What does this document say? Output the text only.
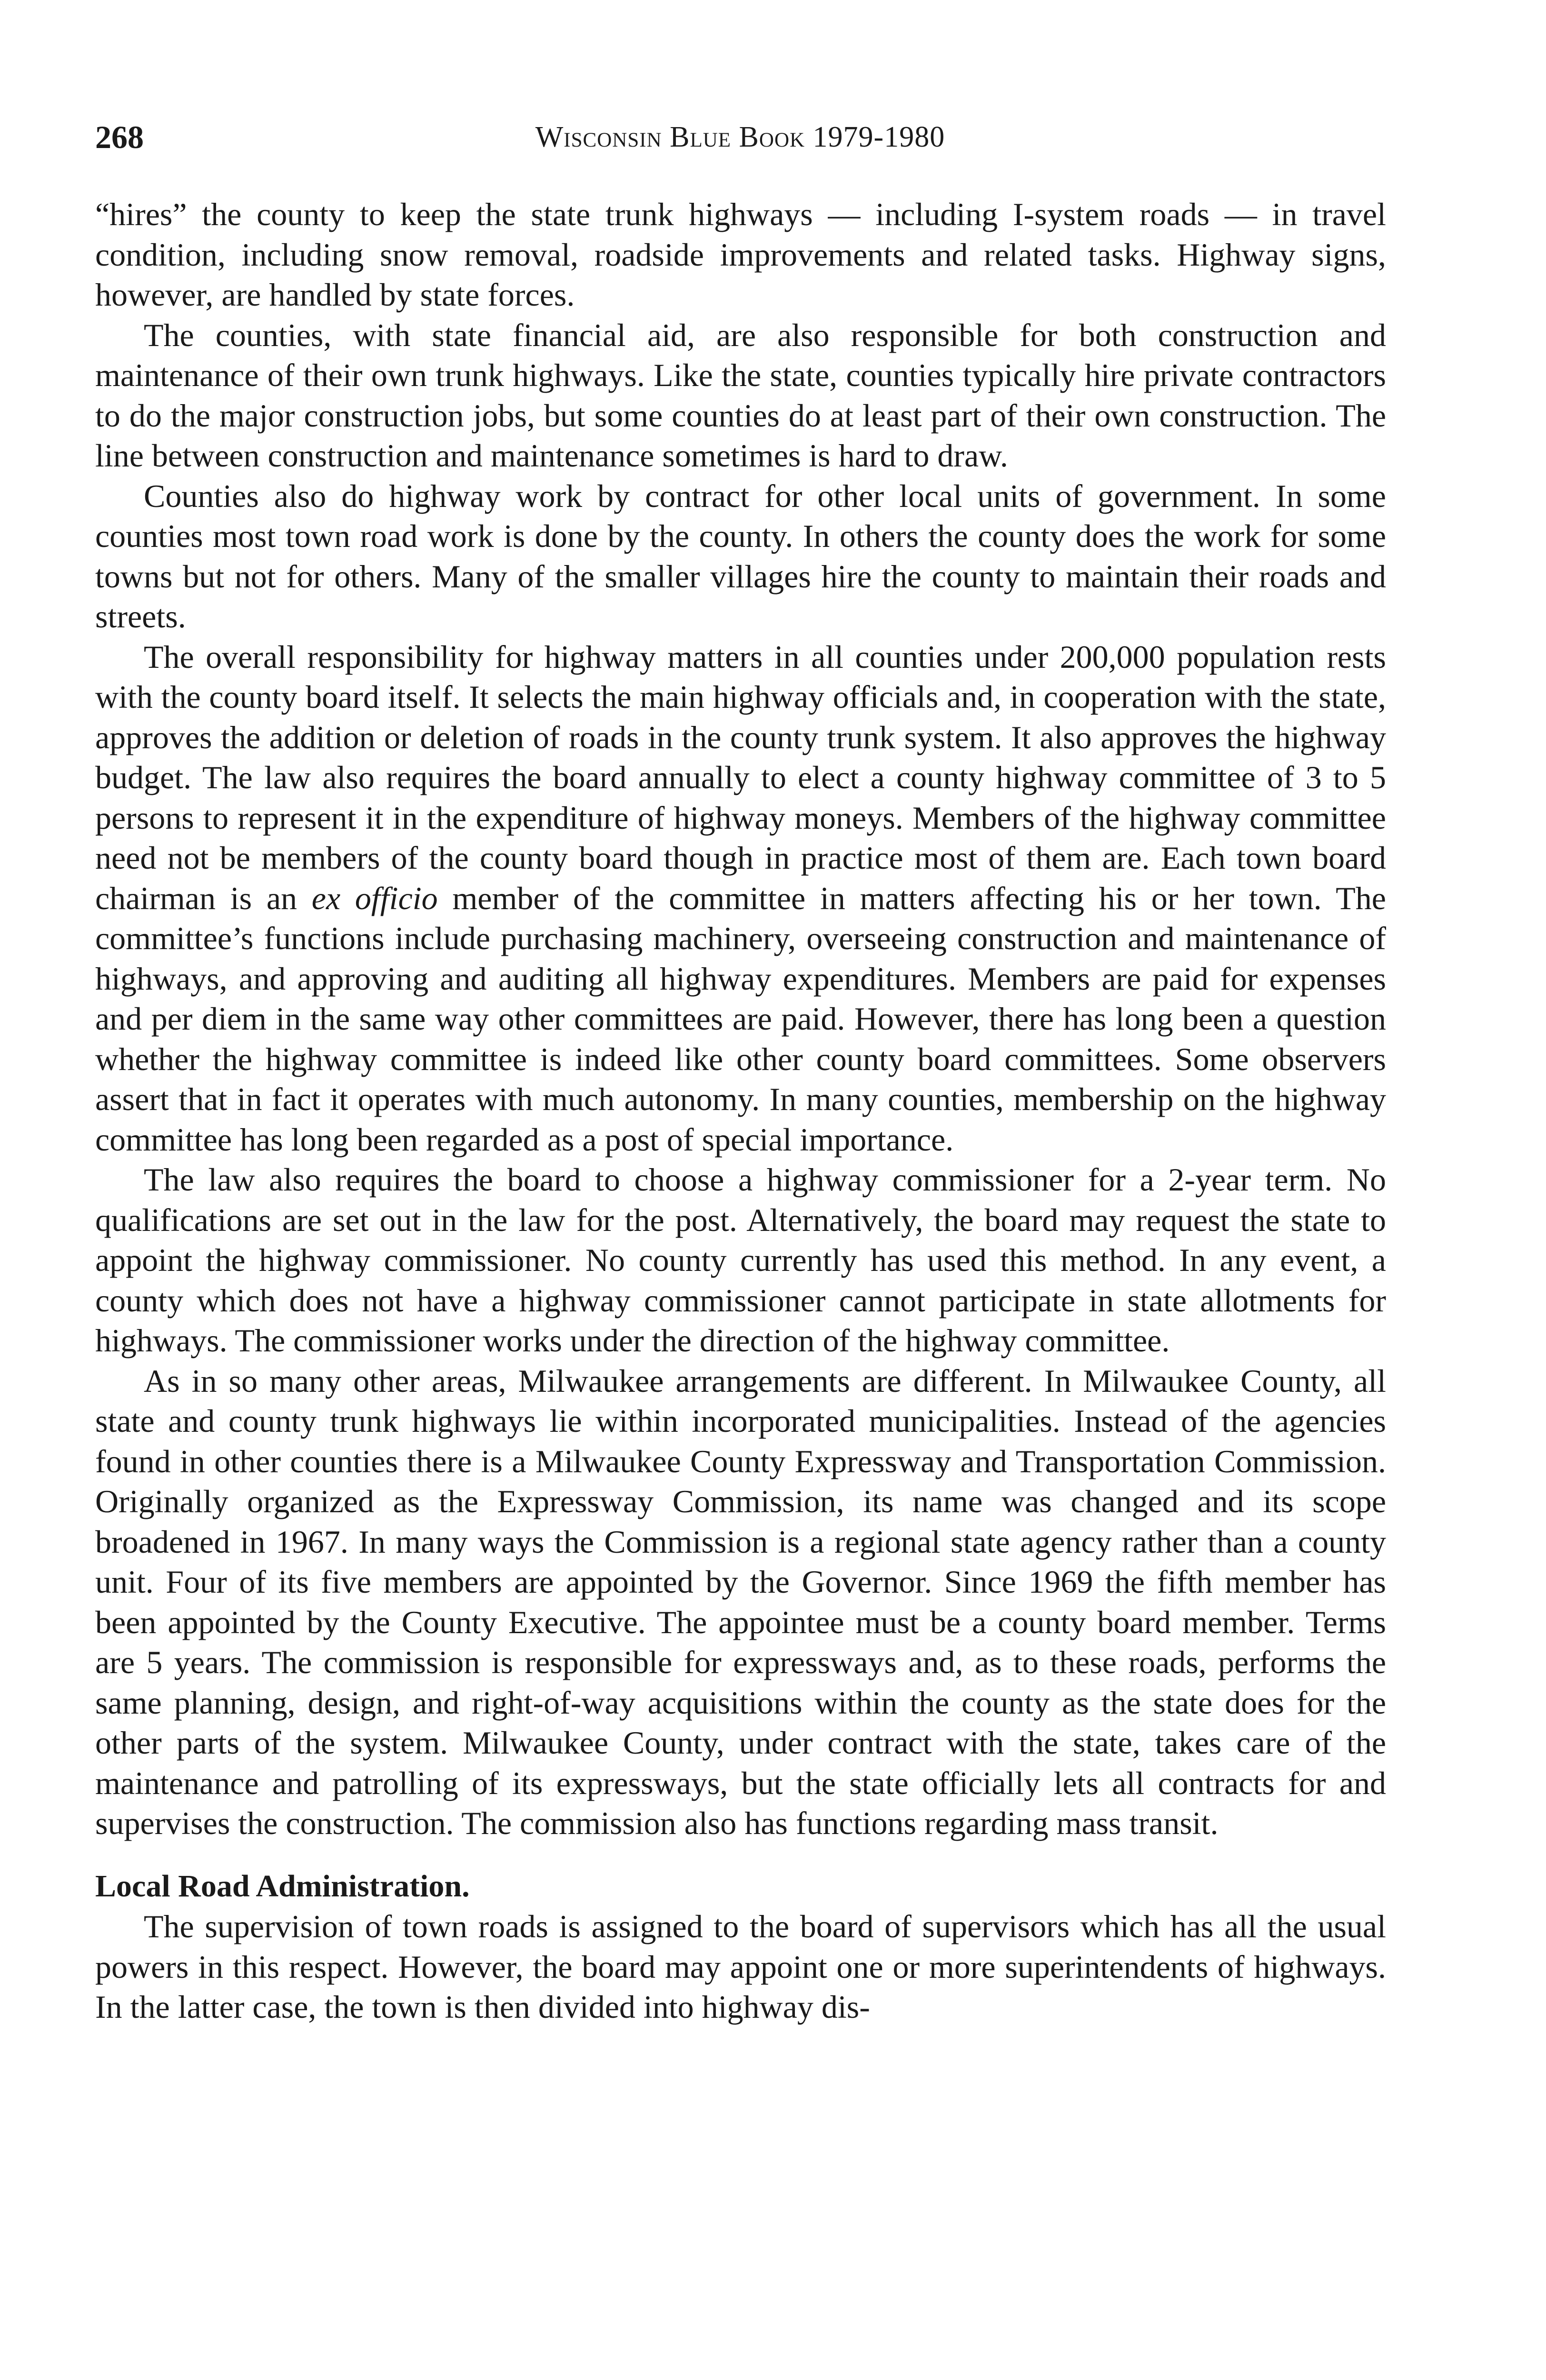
268	Wisconsin Blue Book 1979-1980

“hires” the county to keep the state trunk highways — including I-system roads — in travel condition, including snow removal, roadside improvements and related tasks. Highway signs, however, are handled by state forces.

The counties, with state financial aid, are also responsible for both construction and maintenance of their own trunk highways. Like the state, counties typically hire private contractors to do the major construction jobs, but some counties do at least part of their own construction. The line between construction and maintenance sometimes is hard to draw.

Counties also do highway work by contract for other local units of government. In some counties most town road work is done by the county. In others the county does the work for some towns but not for others. Many of the smaller villages hire the county to maintain their roads and streets.

The overall responsibility for highway matters in all counties under 200,000 population rests with the county board itself. It selects the main highway officials and, in cooperation with the state, approves the addition or deletion of roads in the county trunk system. It also approves the highway budget. The law also requires the board annually to elect a county highway committee of 3 to 5 persons to represent it in the expenditure of highway moneys. Members of the highway committee need not be members of the county board though in practice most of them are. Each town board chairman is an ex officio member of the committee in matters affecting his or her town. The committee’s functions include purchasing machinery, overseeing construction and maintenance of highways, and approving and auditing all highway expenditures. Members are paid for expenses and per diem in the same way other committees are paid. However, there has long been a question whether the highway committee is indeed like other county board committees. Some observers assert that in fact it operates with much autonomy. In many counties, membership on the highway committee has long been regarded as a post of special importance.

The law also requires the board to choose a highway commissioner for a 2-year term. No qualifications are set out in the law for the post. Alternatively, the board may request the state to appoint the highway commissioner. No county currently has used this method. In any event, a county which does not have a highway commissioner cannot participate in state allotments for highways. The commissioner works under the direction of the highway committee.

As in so many other areas, Milwaukee arrangements are different. In Milwaukee County, all state and county trunk highways lie within incorporated municipalities. Instead of the agencies found in other counties there is a Milwaukee County Expressway and Transportation Commission. Originally organized as the Expressway Commission, its name was changed and its scope broadened in 1967. In many ways the Commission is a regional state agency rather than a county unit. Four of its five members are appointed by the Governor. Since 1969 the fifth member has been appointed by the County Executive. The appointee must be a county board member. Terms are 5 years. The commission is responsible for expressways and, as to these roads, performs the same planning, design, and right-of-way acquisitions within the county as the state does for the other parts of the system. Milwaukee County, under contract with the state, takes care of the maintenance and patrolling of its expressways, but the state officially lets all contracts for and supervises the construction. The commission also has functions regarding mass transit.

Local Road Administration.

The supervision of town roads is assigned to the board of supervisors which has all the usual powers in this respect. However, the board may appoint one or more superintendents of highways. In the latter case, the town is then divided into highway dis-
